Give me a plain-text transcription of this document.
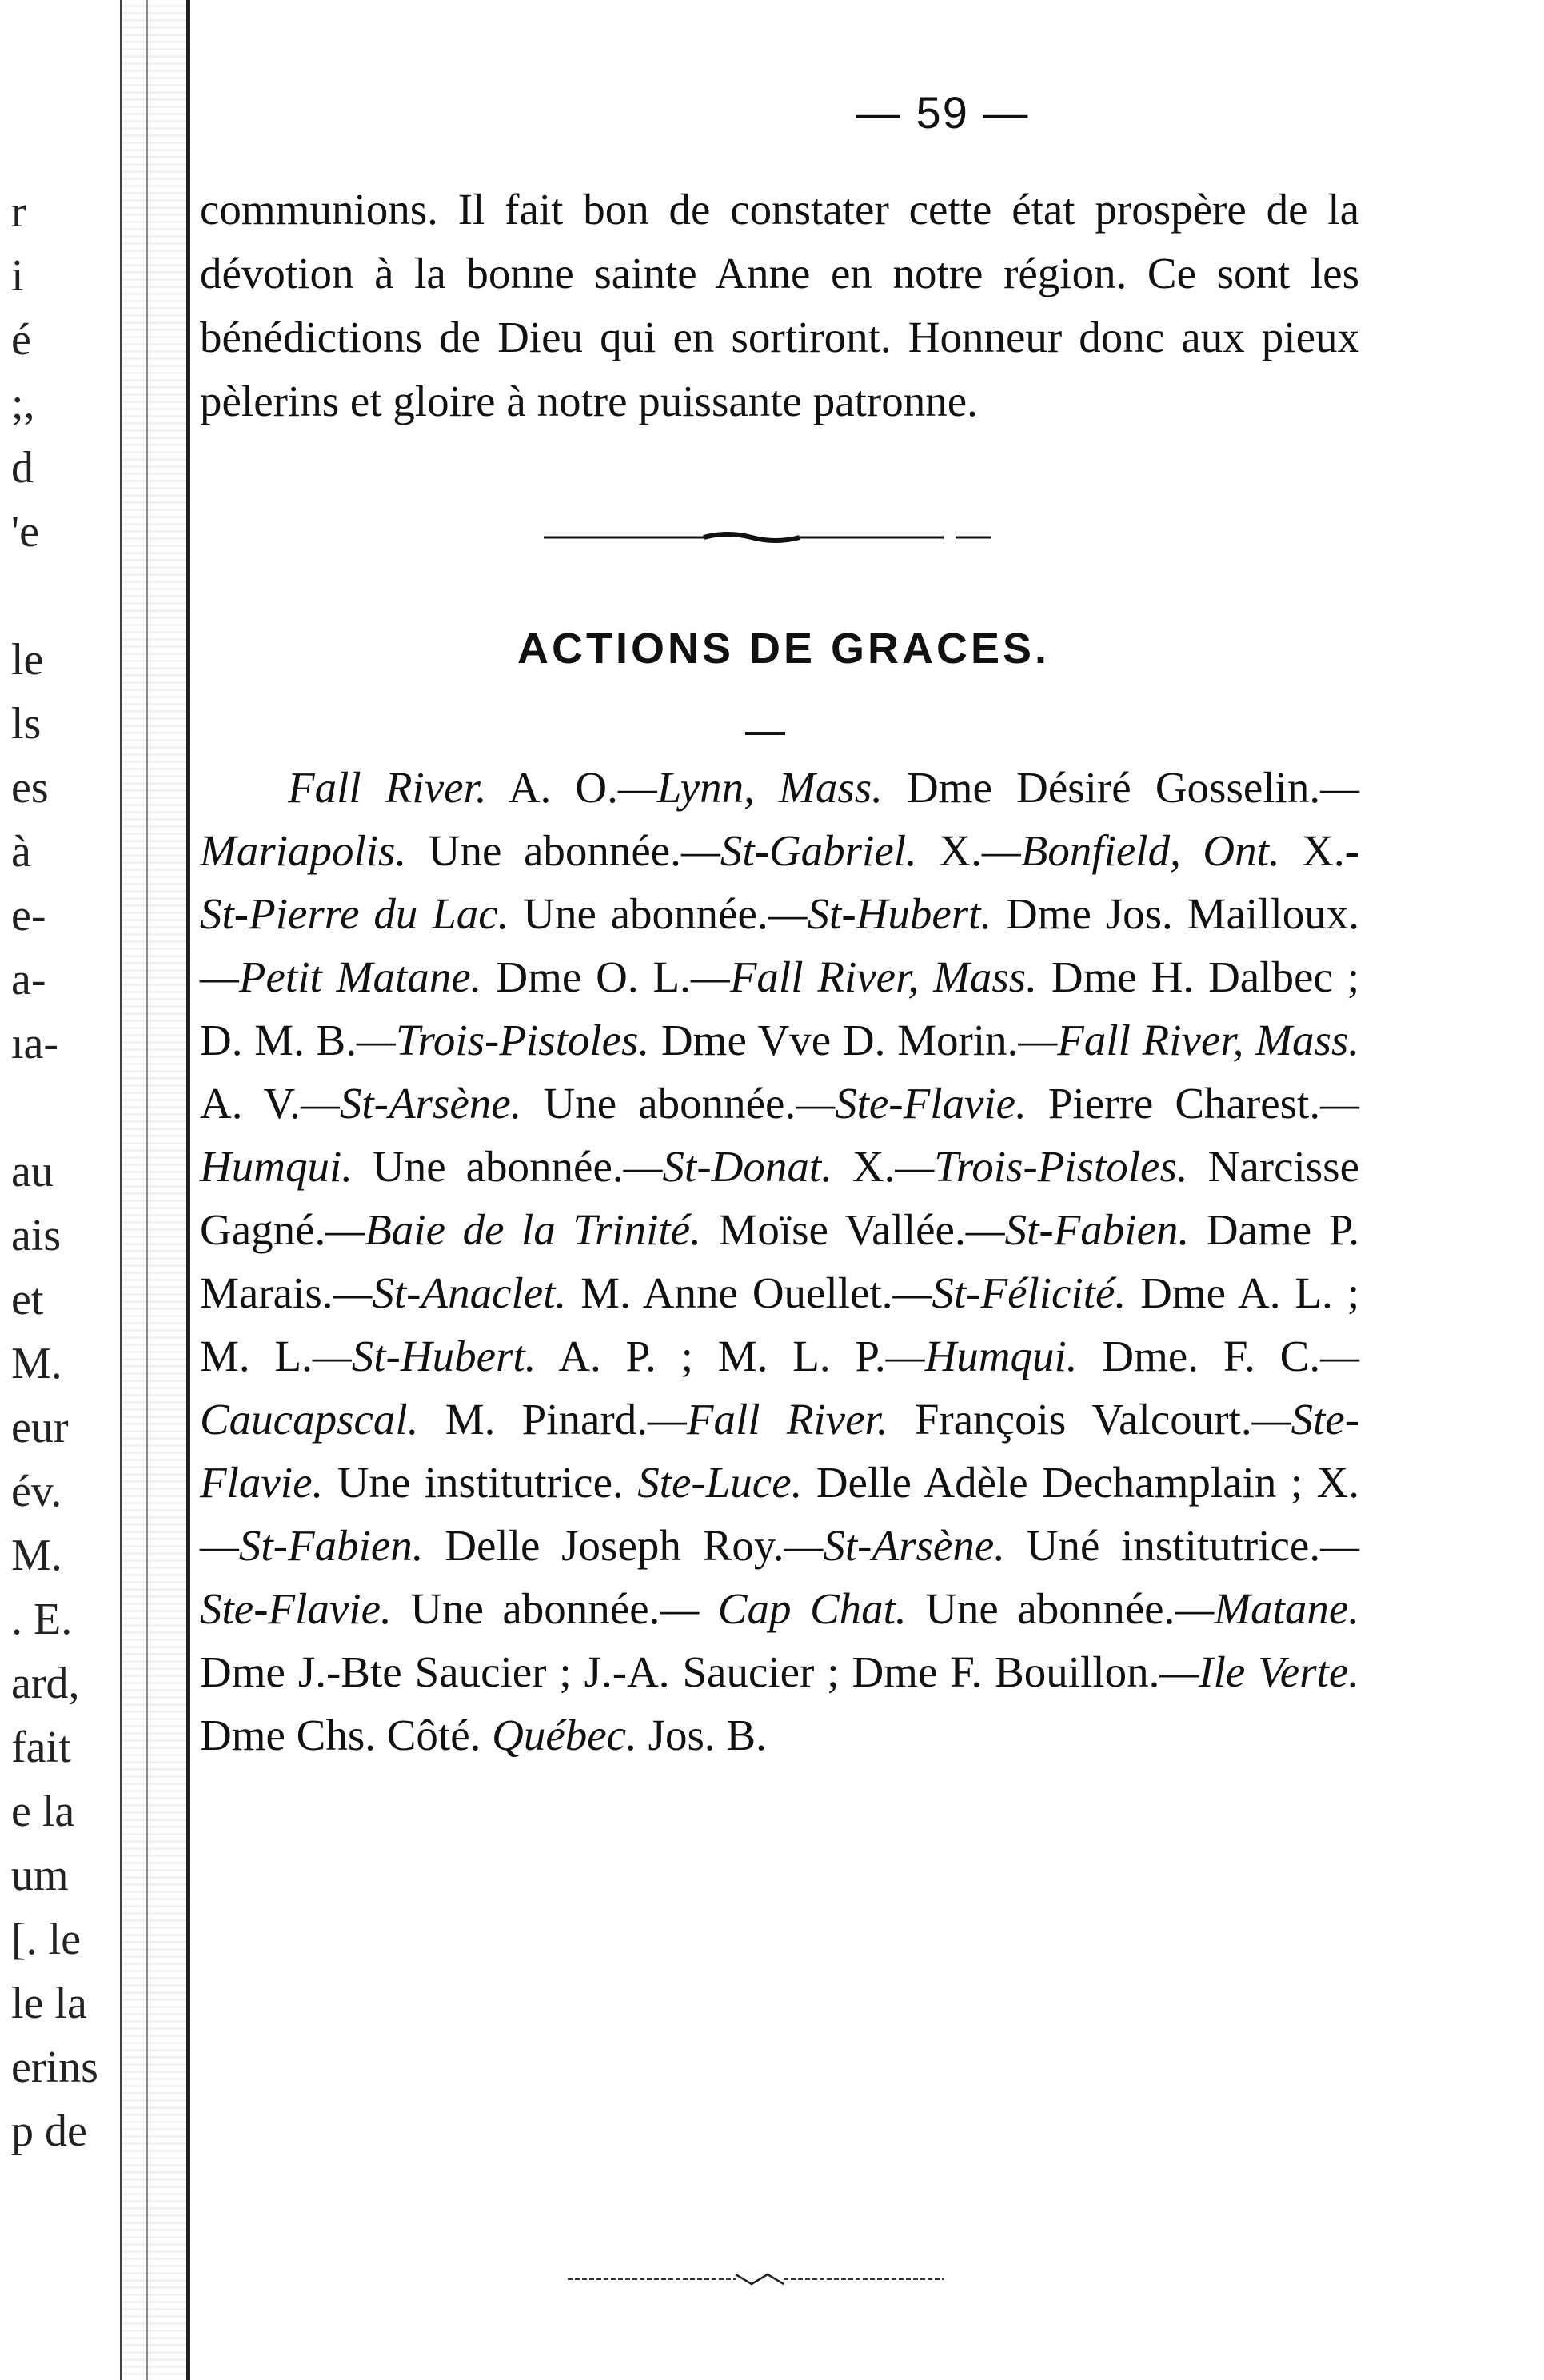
r
i
é
;,
d
'e
le
ls
es
à
e-
a-
ıa-
au
ais
et
M.
eur
év.
M.
. E.
ard,
fait
e la
um
[. le
le la
erins
p de
— 59 —
communions. Il fait bon de constater cette état prospère de la dévotion à la bonne sainte Anne en notre région. Ce sont les bénédictions de Dieu qui en sortiront. Honneur donc aux pieux pèlerins et gloire à notre puissante patronne.
ACTIONS DE GRACES.
Fall River. A. O.—Lynn, Mass. Dme Désiré Gosselin.—Mariapolis. Une abonnée.—St-Gabriel. X.—Bonfield, Ont. X.- St-Pierre du Lac. Une abonnée.—St-Hubert. Dme Jos. Mailloux.—Petit Matane. Dme O. L.—Fall River, Mass. Dme H. Dalbec ; D. M. B.—Trois-Pistoles. Dme Vve D. Morin.—Fall River, Mass. A. V.—St-Arsène. Une abonnée.—Ste-Flavie. Pierre Charest.—Humqui. Une abonnée.—St-Donat. X.—Trois-Pistoles. Narcisse Gagné.—Baie de la Trinité. Moïse Vallée.—St-Fabien. Dame P. Marais.—St-Anaclet. M. Anne Ouellet.—St-Félicité. Dme A. L. ; M. L.—St-Hubert. A. P. ; M. L. P.—Humqui. Dme. F. C.—Caucapscal. M. Pinard.—Fall River. François Valcourt.—Ste-Flavie. Une institutrice. Ste-Luce. Delle Adèle Dechamplain ; X.—St-Fabien. Delle Joseph Roy.—St-Arsène. Uné institutrice.—Ste-Flavie. Une abonnée.— Cap Chat. Une abonnée.—Matane. Dme J.-Bte Saucier ; J.-A. Saucier ; Dme F. Bouillon.—Ile Verte. Dme Chs. Côté. Québec. Jos. B.
